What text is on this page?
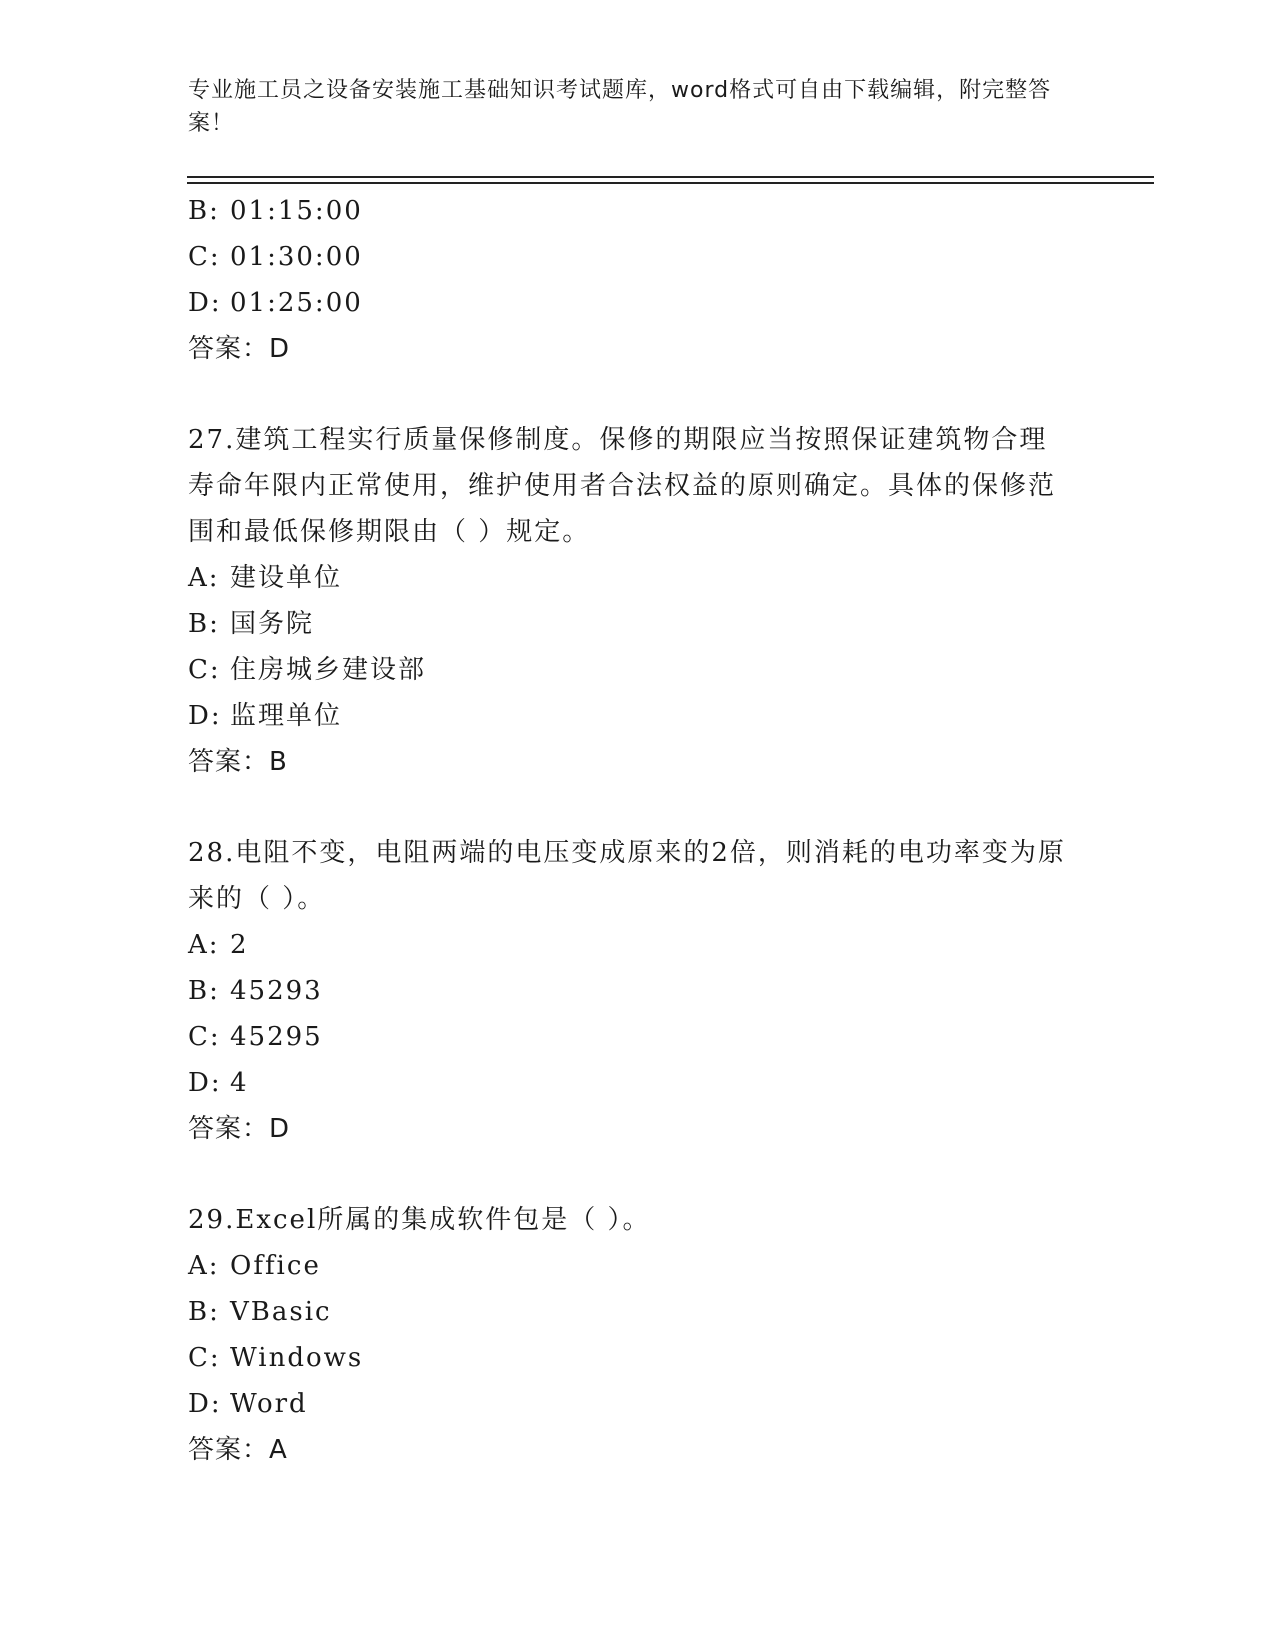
专业施工员之设备安装施工基础知识考试题库，word格式可自由下载编辑，附完整答案！
B: 01:15:00
C: 01:30:00
D: 01:25:00
答案：D
27.建筑工程实行质量保修制度。保修的期限应当按照保证建筑物合理寿命年限内正常使用，维护使用者合法权益的原则确定。具体的保修范围和最低保修期限由（ ）规定。
A: 建设单位
B: 国务院
C: 住房城乡建设部
D: 监理单位
答案：B
28.电阻不变，电阻两端的电压变成原来的2倍，则消耗的电功率变为原来的（ ）。
A: 2
B: 45293
C: 45295
D: 4
答案：D
29.Excel所属的集成软件包是（ ）。
A: Office
B: VBasic
C: Windows
D: Word
答案：A
